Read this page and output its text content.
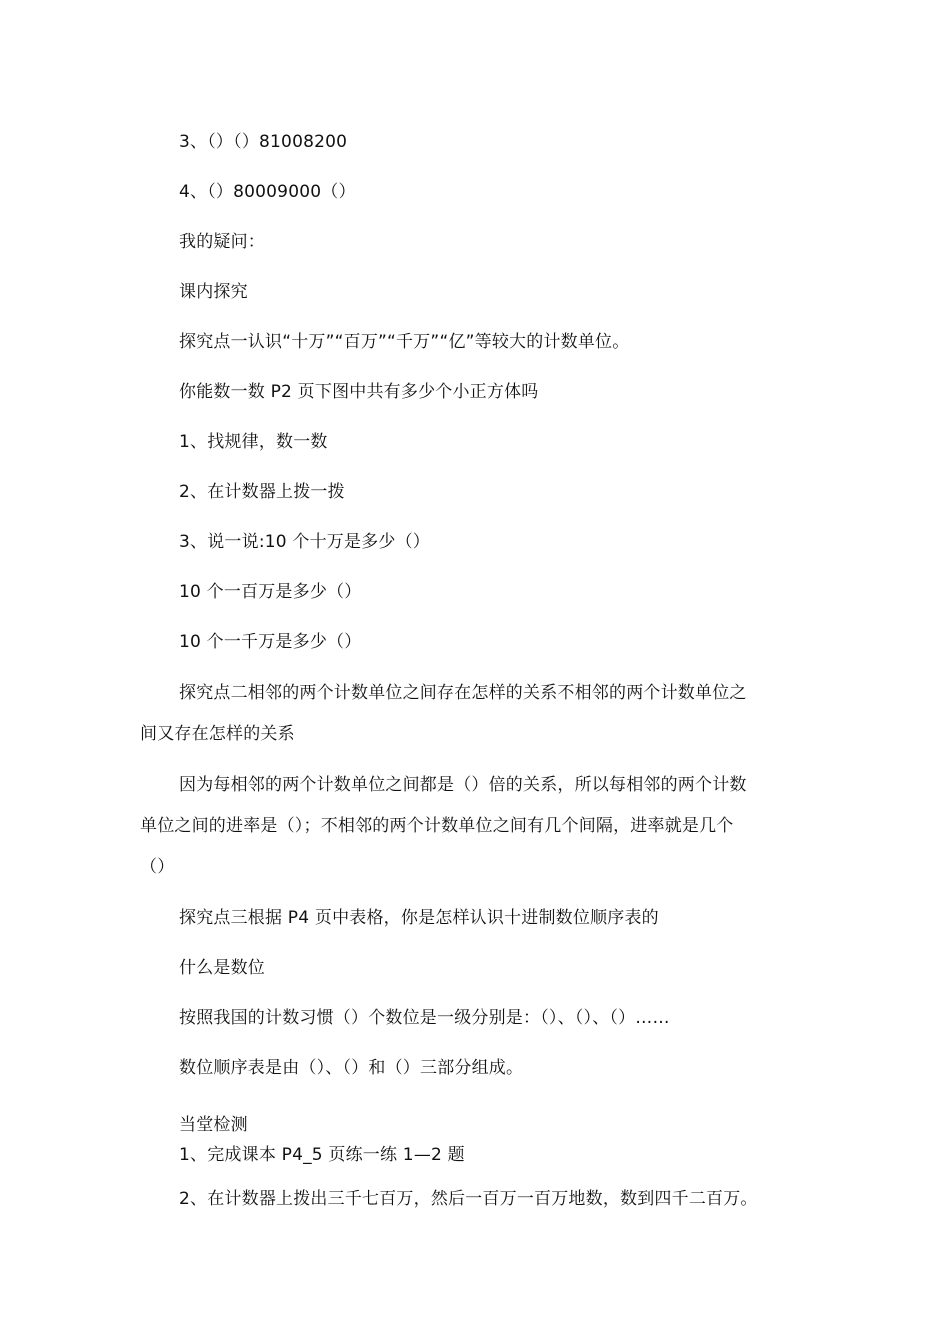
3、（）（）81008200
4、（）80009000（）
我的疑问：
课内探究
探究点一认识“十万”“百万”“千万”“亿”等较大的计数单位。
你能数一数 P2 页下图中共有多少个小正方体吗
1、找规律，数一数
2、在计数器上拨一拨
3、说一说:10 个十万是多少（）
10 个一百万是多少（）
10 个一千万是多少（）
探究点二相邻的两个计数单位之间存在怎样的关系不相邻的两个计数单位之
间又存在怎样的关系
因为每相邻的两个计数单位之间都是（）倍的关系，所以每相邻的两个计数
单位之间的进率是（）；不相邻的两个计数单位之间有几个间隔，进率就是几个
（）
探究点三根据 P4 页中表格，你是怎样认识十进制数位顺序表的
什么是数位
按照我国的计数习惯（）个数位是一级分别是：（）、（）、（）……
数位顺序表是由（）、（）和（）三部分组成。
当堂检测
1、完成课本 P4_5 页练一练 1—2 题
2、在计数器上拨出三千七百万，然后一百万一百万地数，数到四千二百万。
